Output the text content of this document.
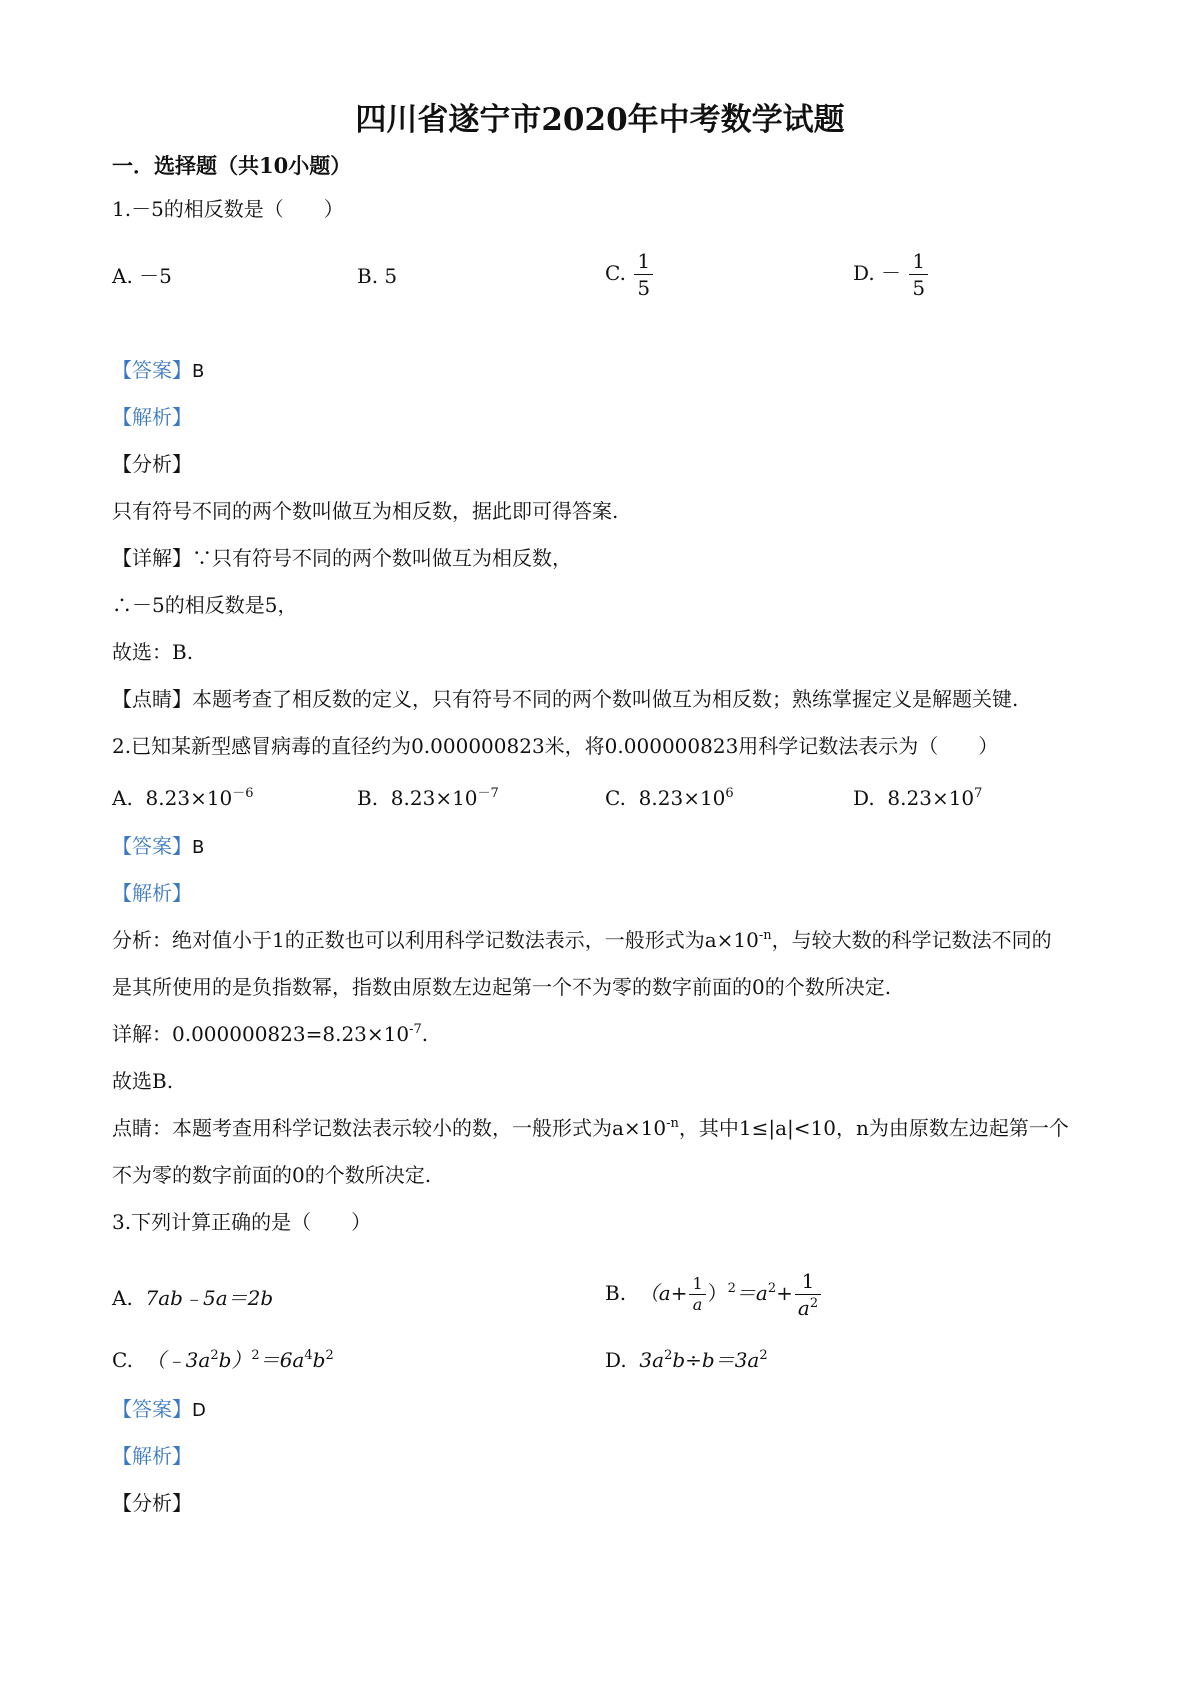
四川省遂宁市2020年中考数学试题
一．选择题（共10小题）
1.－5的相反数是（　　）
A. －5	B. 5	C. $\frac{1}{5}$	D. － $\frac{1}{5}$
【答案】B
【解析】
【分析】
只有符号不同的两个数叫做互为相反数，据此即可得答案.
【详解】∵只有符号不同的两个数叫做互为相反数，
∴－5的相反数是5，
故选：B.
【点睛】本题考查了相反数的定义，只有符号不同的两个数叫做互为相反数；熟练掌握定义是解题关键.
2.已知某新型感冒病毒的直径约为0.000000823米，将0.000000823用科学记数法表示为（　　）
A. $8.23\times 10^{-6}$	B. $8.23\times 10^{-7}$	C. $8.23\times 10^6$	D. $8.23\times 10^7$
【答案】B
【解析】
分析：绝对值小于1的正数也可以利用科学记数法表示，一般形式为$a\times 10^{-n}$，与较大数的科学记数法不同的
是其所使用的是负指数幂，指数由原数左边起第一个不为零的数字前面的0的个数所决定.
详解：$0.000000823=8.23\times 10^{-7}$.
故选B.
点睛：本题考查用科学记数法表示较小的数，一般形式为$a\times 10^{-n}$，其中1≤|a|<10，n为由原数左边起第一个
不为零的数字前面的0的个数所决定.
3.下列计算正确的是（　　）
A. 7ab﹣5a＝2b	B. $(a+ \frac{1}{a} )^2=a^2+ \frac{1}{a^2}$
C. $(﹣3a^2b)^2=6a^4b^2$	D. $3a^2b\div b=3a^2$
【答案】D
【解析】
【分析】
